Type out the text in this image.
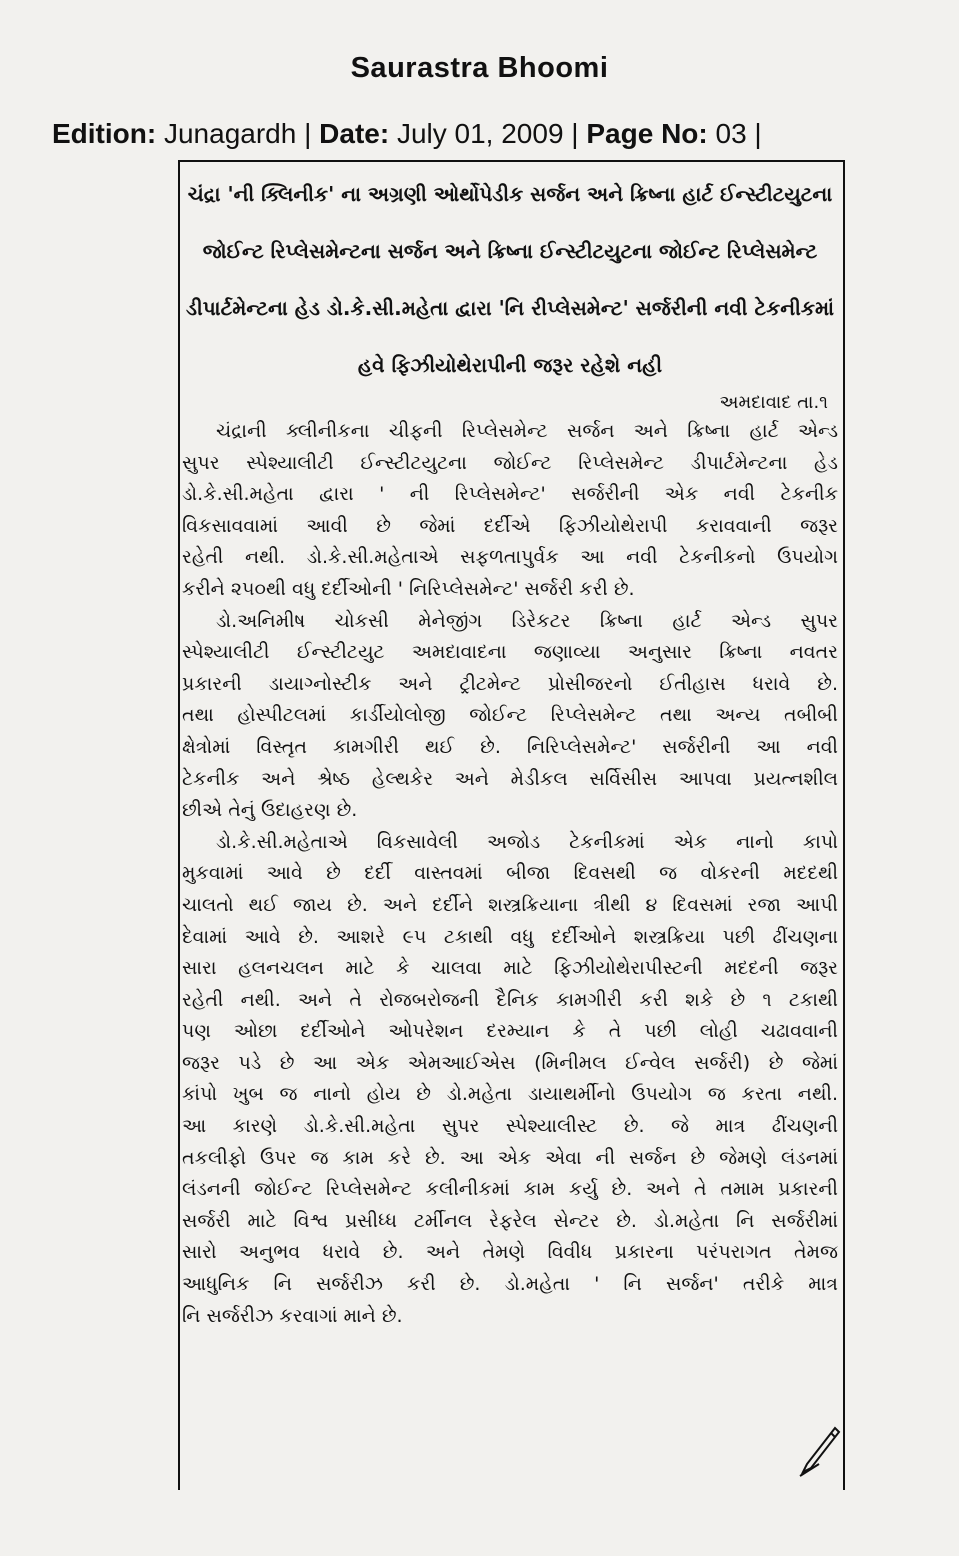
Saurastra Bhoomi
Edition: Junagardh | Date: July 01, 2009 | Page No: 03 |
ચંદ્રા 'ની ક્લિનીક' ના અગ્રણી ઓર્થોપેડીક સર્જન અને ક્રિષ્ના હાર્ટ ઈન્સ્ટીટયુટના
જોઈન્ટ રિપ્લેસમેન્ટના સર્જન અને ક્રિષ્ના ઈન્સ્ટીટયુટના જોઈન્ટ રિપ્લેસમેન્ટ
ડીપાર્ટમેન્ટના હેડ ડો.કે.સી.મહેતા દ્વારા 'નિ રીપ્લેસમેન્ટ' સર્જરીની નવી ટેકનીકમાં
હવે ફિઝીયોથેરાપીની જરૂર રહેશે નહી
અમદાવાદ તા.૧
ચંદ્રાની ક્લીનીકના ચીફની રિપ્લેસમેન્ટ સર્જન અને ક્રિષ્ના હાર્ટ એન્ડ
સુપર સ્પેશ્યાલીટી ઈન્સ્ટીટયુટના જોઈન્ટ રિપ્લેસમેન્ટ ડીપાર્ટમેન્ટના હેડ
ડો.કે.સી.મહેતા દ્વારા ' ની રિપ્લેસમેન્ટ' સર્જરીની એક નવી ટેકનીક
વિકસાવવામાં આવી છે જેમાં દર્દીએ ફિઝીયોથેરાપી કરાવવાની જરૂર
રહેતી નથી. ડો.કે.સી.મહેતાએ સફળતાપુર્વક આ નવી ટેકનીકનો ઉપયોગ
કરીને ૨૫૦થી વધુ દર્દીઓની ' નિરિપ્લેસમેન્ટ' સર્જરી કરી છે.
ડો.અનિમીષ ચોકસી મેનેજીંગ ડિરેકટર ક્રિષ્ના હાર્ટ એન્ડ સુપર
સ્પેશ્યાલીટી ઈન્સ્ટીટયુટ અમદાવાદના જણાવ્યા અનુસાર ક્રિષ્ના નવતર
પ્રકારની ડાયાગ્નોસ્ટીક અને ટ્રીટમેન્ટ પ્રોસીજરનો ઈતીહાસ ધરાવે છે.
તથા હોસ્પીટલમાં કાર્ડીયોલોજી જોઈન્ટ રિપ્લેસમેન્ટ તથા અન્ય તબીબી
ક્ષેત્રોમાં વિસ્તૃત કામગીરી થઈ છે. નિરિપ્લેસમેન્ટ' સર્જરીની આ નવી
ટેકનીક અને શ્રેષ્ઠ હેલ્થકેર અને મેડીકલ સર્વિસીસ આપવા પ્રયત્નશીલ
છીએ તેનું ઉદાહરણ છે.
ડો.કે.સી.મહેતાએ વિકસાવેલી અજોડ ટેકનીકમાં એક નાનો કાપો
મુકવામાં આવે છે દર્દી વાસ્તવમાં બીજા દિવસથી જ વોકરની મદદથી
ચાલતો થઈ જાય છે. અને દર્દીને શસ્ત્રક્રિયાના ત્રીથી ૪ દિવસમાં રજા આપી
દેવામાં આવે છે. આશરે ૯૫ ટકાથી વધુ દર્દીઓને શસ્ત્રક્રિયા પછી ઢીંચણના
સારા હલનચલન માટે કે ચાલવા માટે ફિઝીયોથેરાપીસ્ટની મદદની જરૂર
રહેતી નથી. અને તે રોજબરોજની દૈનિક કામગીરી કરી શકે છે ૧ ટકાથી
પણ ઓછા દર્દીઓને ઓપરેશન દરમ્યાન કે તે પછી લોહી ચઢાવવાની
જરૂર પડે છે આ એક એમઆઈએસ (મિનીમલ ઈન્વેલ સર્જરી) છે જેમાં
કાંપો ખુબ જ નાનો હોય છે ડો.મહેતા ડાયાથર્મીનો ઉપયોગ જ કરતા નથી.
આ કારણે ડો.કે.સી.મહેતા સુપર સ્પેશ્યાલીસ્ટ છે. જે માત્ર ઢીંચણની
તકલીફો ઉપર જ કામ કરે છે. આ એક એવા ની સર્જન છે જેમણે લંડનમાં
લંડનની જોઈન્ટ રિપ્લેસમેન્ટ કલીનીકમાં કામ કર્યુ છે. અને તે તમામ પ્રકારની
સર્જરી માટે વિશ્વ પ્રસીધ્ધ ટર્મીનલ રેફરેલ સેન્ટર છે. ડો.મહેતા નિ સર્જરીમાં
સારો અનુભવ ધરાવે છે. અને તેમણે વિવીધ પ્રકારના પરંપરાગત તેમજ
આધુનિક નિ સર્જરીઝ કરી છે. ડો.મહેતા ' નિ સર્જન' તરીકે માત્ર
નિ સર્જરીઝ કરવાગાં માને છે.
